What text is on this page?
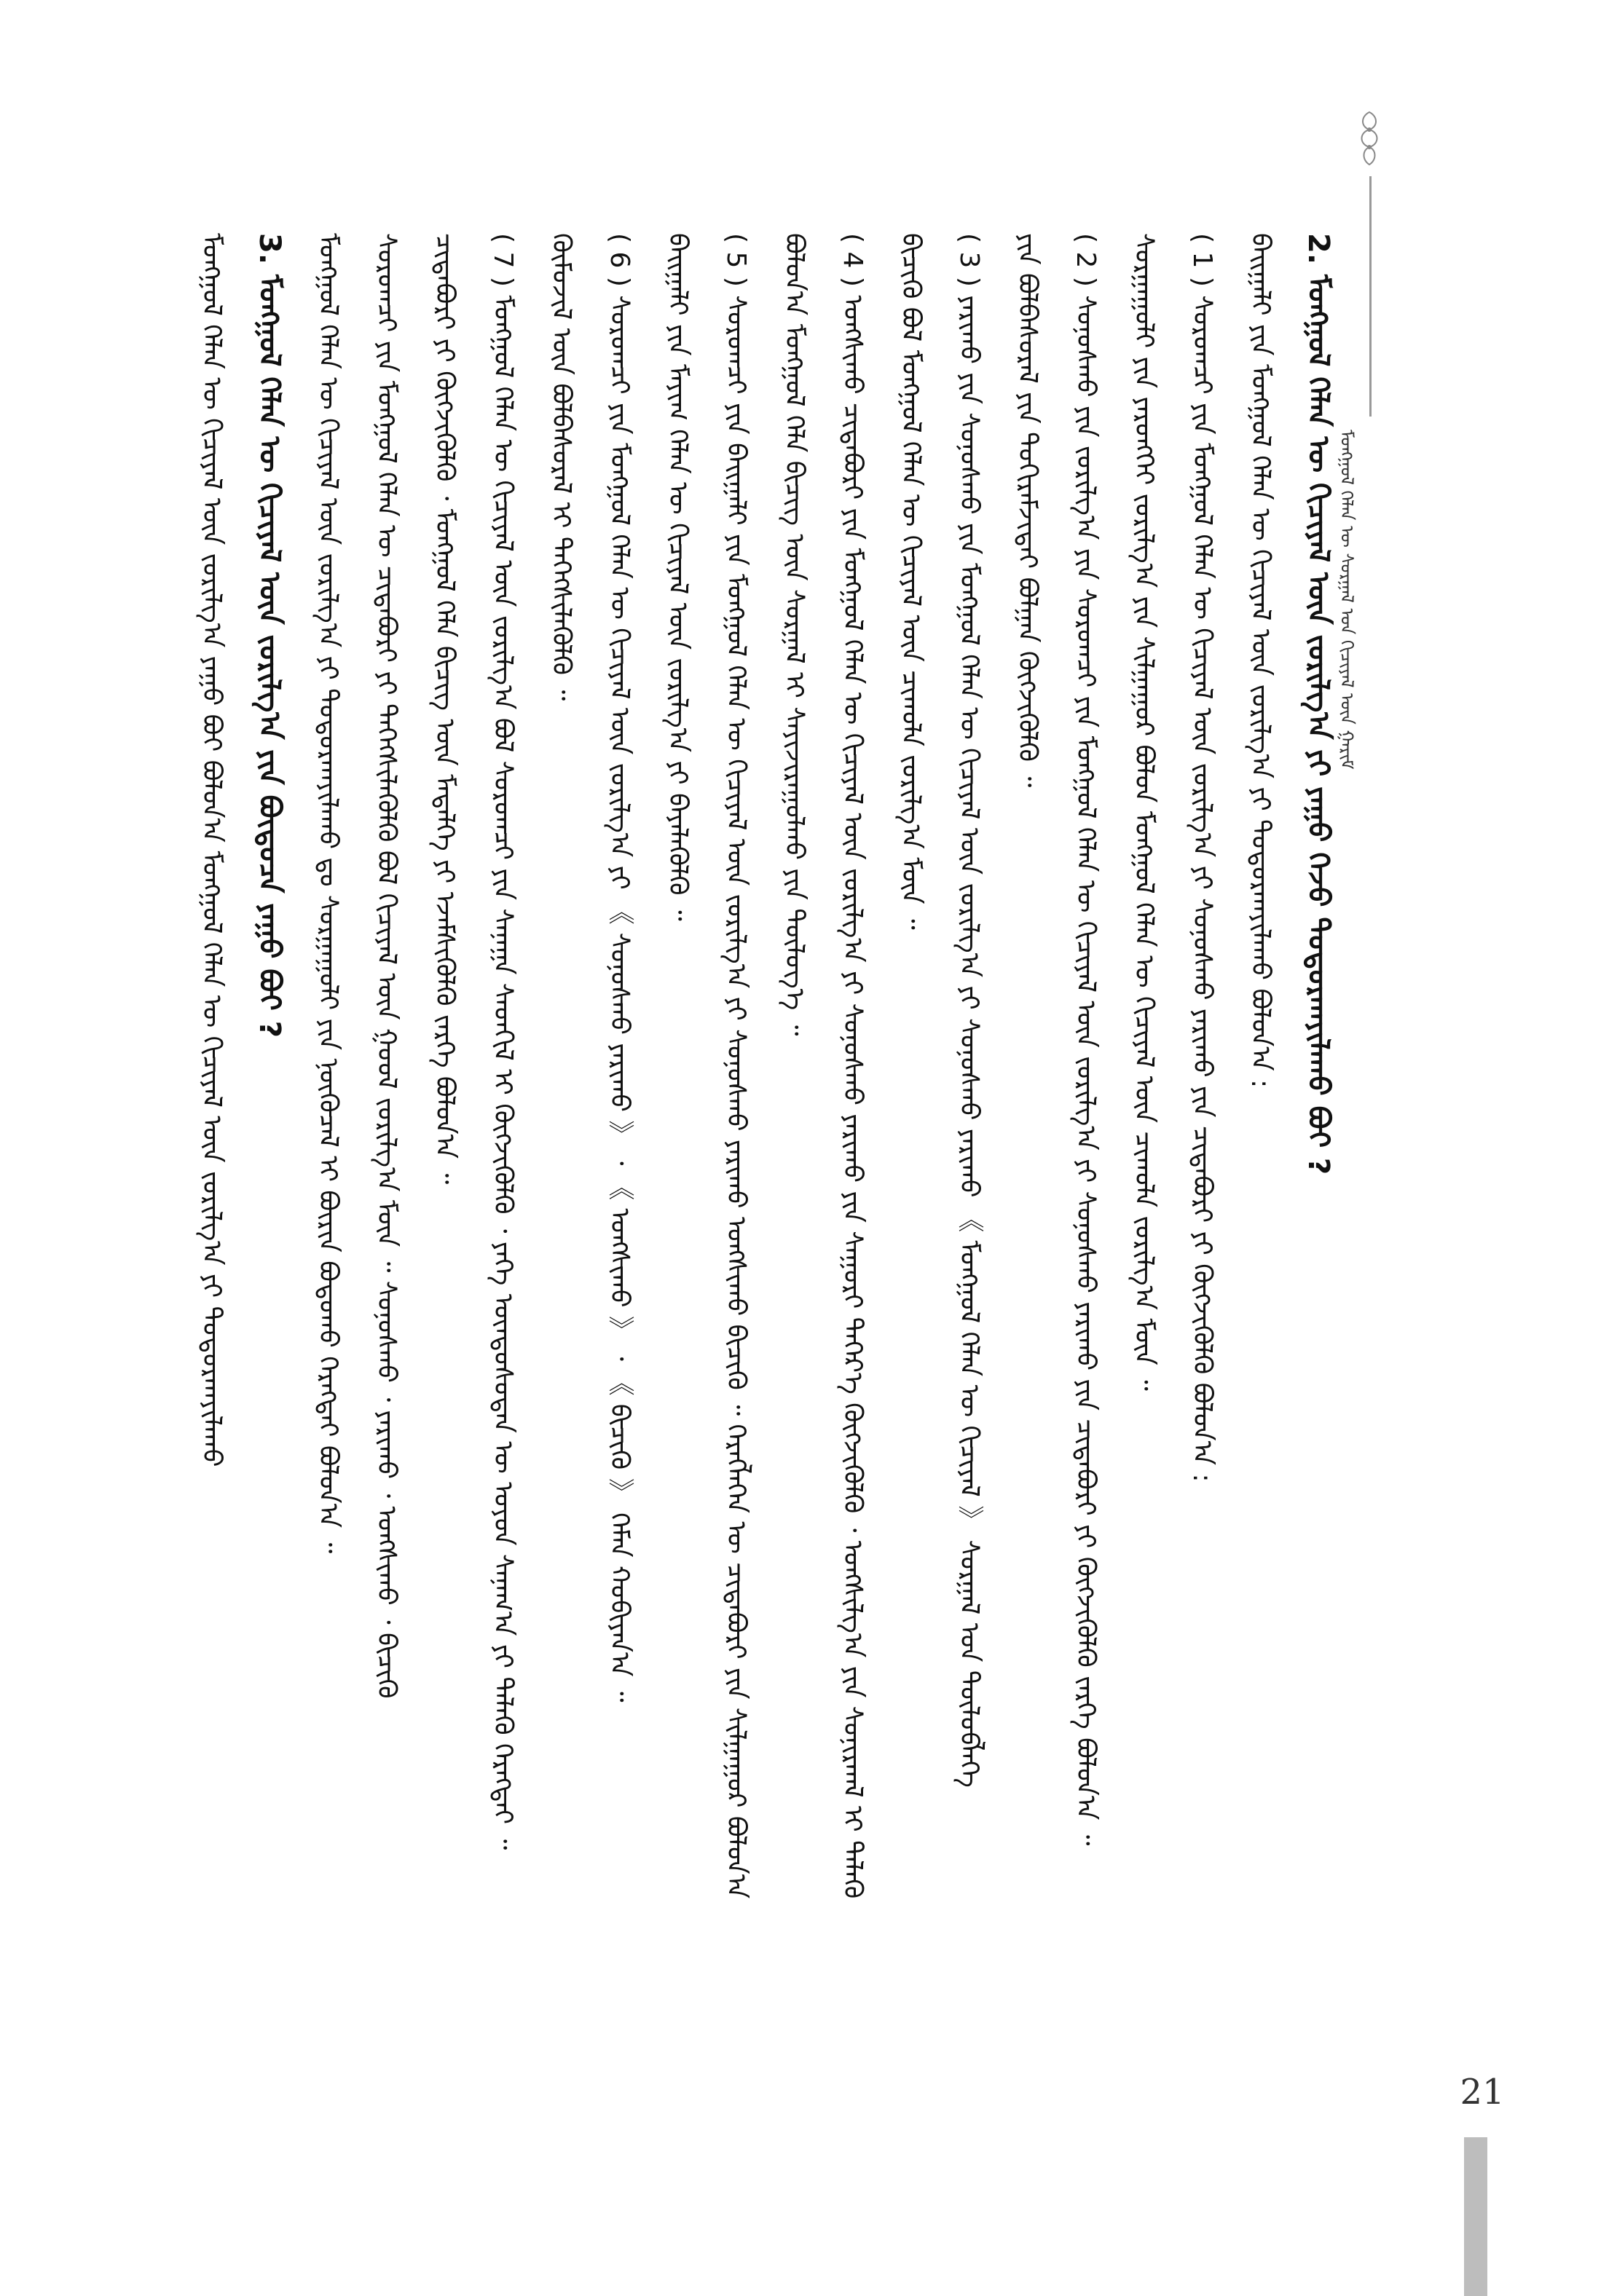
ᠮᠣᠩᠭᠣᠯ ᠬᠡᠯᠡᠨ ᠦ ᠰᠤᠷᠭᠠᠯ ᠤᠨ ᠬᠢᠴᠢᠶᠡᠯ ᠦᠨ ᠭᠠᠷᠢᠮ
ᠮᠣᠩᠭᠣᠯ ᠬᠡᠯᠡᠨ ᠦ ᠬᠢᠴᠢᠶᠡᠯ ᠦᠨ ᠵᠣᠷᠢᠯᠭ᠎ᠠ ᠶᠠᠭᠤ ᠪᠤᠢ ᠪᠤᠯᠤᠨ᠎ᠠ ᠮᠣᠩᠭᠣᠯ ᠬᠡᠯᠡᠨ ᠦ ᠬᠢᠴᠢᠶᠡᠯ ᠦᠨ ᠵᠣᠷᠢᠯᠭ᠎ᠠ ᠶᠢ ᠲᠣᠳᠤᠷᠬᠠᠶᠢᠯᠠᠬᠤ 3. ᠮᠣᠩᠭᠣᠯ ᠬᠡᠯᠡᠨ ᠦ ᠬᠢᠴᠢᠶᠡᠯ ᠦᠨ ᠵᠣᠷᠢᠯᠭ᠎ᠠ ᠶᠢᠨ ᠪᠦᠲᠦᠴᠡ ᠶᠠᠭᠤ ᠪᠤᠢ ?	ᠮᠣᠩᠭᠣᠯ ᠬᠡᠯᠡᠨ ᠦ ᠬᠢᠴᠢᠶᠡᠯ ᠦᠨ ᠵᠣᠷᠢᠯᠭ᠎ᠠ ᠶᠢ ᠲᠣᠳᠤᠷᠬᠠᠶᠢᠯᠠᠬᠤ ᠳᠤ ᠰᠤᠷᠭᠠᠭᠤᠯᠢ ᠶᠢᠨ ᠨᠥᠬᠦᠴᠡᠯ ᠢ ᠪᠦᠷᠢᠨ ᠪᠣᠳᠣᠬᠤ ᠬᠡᠷᠡᠭᠲᠡᠢ ᠪᠣᠯᠤᠨ᠎ᠠ ᠃	ᠰᠤᠷᠤᠭᠴᠢ ᠶᠢᠨ ᠮᠣᠩᠭᠣᠯ ᠬᠡᠯᠡᠨ ᠦ ᠴᠢᠳᠠᠪᠤᠷᠢ ᠶᠢ ᠳᠡᠭᠡᠭᠰᠢᠯᠡᠭᠦᠯᠬᠦ ᠪᠣᠯ ᠬᠢᠴᠢᠶᠡᠯ ᠦᠨ ᠭᠣᠣᠯ ᠵᠣᠷᠢᠯᠭ᠎ᠠ ᠮᠥᠨ ᠃ ᠰᠣᠨᠣᠰᠬᠤ ᠂ ᠶᠠᠷᠢᠬᠤ ᠂ ᠤᠩᠰᠢᠬᠤ ᠂ ᠪᠢᠴᠢᠬᠦ	ᠴᠢᠳᠠᠪᠤᠷᠢ ᠶᠢ ᠬᠥᠭᠵᠢᠭᠦᠯᠬᠦ ᠂ ᠮᠣᠩᠭᠣᠯ ᠬᠡᠯᠡ ᠪᠢᠴᠢᠭ ᠦᠨ ᠮᠡᠳᠡᠯᠭᠡ ᠶᠢ ᠡᠵᠡᠮᠰᠢᠭᠦᠯᠬᠦ ᠵᠡᠷᠭᠡ ᠪᠣᠯᠤᠨ᠎ᠠ ᠃	( 7 ) ᠮᠣᠩᠭᠣᠯ ᠬᠡᠯᠡᠨ ᠦ ᠬᠢᠴᠢᠶᠡᠯ ᠦᠨ ᠵᠣᠷᠢᠯᠭ᠎ᠠ ᠪᠣᠯ ᠰᠤᠷᠤᠭᠴᠢ ᠶᠢᠨ ᠰᠠᠨᠠᠭᠠ ᠰᠡᠳᠬᠢᠯ ᠢ ᠬᠥᠭᠵᠢᠭᠦᠯᠬᠦ ᠂ ᠶᠡᠬᠡ ᠦᠨᠳᠦᠰᠦᠲᠡᠨ ᠦ ᠣᠶᠤᠨ ᠰᠠᠨᠠᠭ᠎ᠠ ᠶᠢ ᠲᠡᠯᠡᠬᠦ ᠬᠡᠷᠡᠭᠲᠡᠢ ᠃	ᠬᠦᠮᠦᠵᠢᠯ ᠦᠨ ᠪᠣᠯᠪᠠᠰᠤᠷᠠᠯ ᠢ ᠳᠡᠭᠡᠭᠰᠢᠯᠡᠭᠦᠯᠬᠦ ᠃	( 6 ) ᠰᠤᠷᠤᠭᠴᠢ ᠶᠢᠨ ᠮᠣᠩᠭᠣᠯ ᠬᠡᠯᠡᠨ ᠦ ᠬᠢᠴᠢᠶᠡᠯ ᠦᠨ ᠵᠣᠷᠢᠯᠭ᠎ᠠ ᠶᠢ 《 ᠰᠣᠨᠣᠰᠬᠤ ᠶᠠᠷᠢᠬᠤ 》 ᠂ 《 ᠤᠩᠰᠢᠬᠤ 》 ᠂ 《 ᠪᠢᠴᠢᠬᠦ 》 ᠬᠡᠮᠡᠨ ᠬᠤᠪᠢᠶᠠᠨ᠎ᠠ ᠃	ᠪᠠᠢᠭᠠᠯᠢ ᠶᠢᠨ ᠮᠠᠶᠢᠭ ᠬᠡᠯᠡᠨ ᠦ ᠬᠢᠴᠢᠶᠡᠯ ᠦᠨ ᠵᠣᠷᠢᠯᠭ᠎ᠠ ᠶᠢ ᠪᠡᠶᠡᠯᠡᠭᠦᠯᠬᠦ ᠃	( 5 ) ᠰᠤᠷᠤᠭᠴᠢ ᠶᠢᠨ ᠪᠠᠢᠭᠠᠯᠢ ᠶᠢᠨ ᠮᠣᠩᠭᠣᠯ ᠬᠡᠯᠡᠨ ᠦ ᠬᠢᠴᠢᠶᠡᠯ ᠦᠨ ᠵᠣᠷᠢᠯᠭ᠎ᠠ ᠶᠢ ᠰᠣᠨᠣᠰᠬᠤ ᠶᠠᠷᠢᠬᠤ ᠤᠩᠰᠢᠬᠤ ᠪᠢᠴᠢᠬᠦ ᠃ ᠬᠡᠷᠡᠭᠯᠡᠭᠡᠨ ᠦ ᠴᠢᠳᠠᠪᠤᠷᠢ ᠶᠢᠨ ᠰᠢᠯᠭᠠᠭᠤᠷ ᠪᠣᠯᠤᠨ᠎ᠠ	ᠪᠣᠯᠤᠨ᠎ᠠ ᠮᠣᠩᠭᠣᠯ ᠬᠡᠯᠡ ᠪᠢᠴᠢᠭ ᠦᠨ ᠰᠤᠷᠭᠠᠯ ᠢ ᠰᠠᠶᠢᠵᠢᠷᠠᠭᠤᠯᠬᠤ ᠶᠢᠨ ᠲᠥᠯᠦᠭ᠎ᠡ ᠃	( 4 ) ᠤᠩᠰᠢᠬᠤ ᠴᠢᠳᠠᠪᠤᠷᠢ ᠶᠢᠨ ᠮᠣᠩᠭᠣᠯ ᠬᠡᠯᠡᠨ ᠦ ᠬᠢᠴᠢᠶᠡᠯ ᠦᠨ ᠵᠣᠷᠢᠯᠭ᠎ᠠ ᠶᠢ ᠰᠣᠨᠣᠰᠬᠤ ᠶᠠᠷᠢᠬᠤ ᠶᠢᠨ ᠰᠠᠭᠤᠷᠢ ᠳᠡᠭᠡᠷ᠎ᠡ ᠬᠥᠭᠵᠢᠭᠦᠯᠬᠦ ᠂ ᠤᠩᠰᠢᠯᠭ᠎ᠠ ᠶᠢᠨ ᠰᠣᠨᠢᠷᠬᠠᠯ ᠢ ᠲᠡᠯᠡᠬᠦ	ᠪᠢᠴᠢᠬᠦ ᠪᠣᠯ ᠮᠣᠩᠭᠣᠯ ᠬᠡᠯᠡᠨ ᠦ ᠬᠢᠴᠢᠶᠡᠯ ᠦᠨ ᠴᠢᠬᠤᠯᠠ ᠵᠣᠷᠢᠯᠭ᠎ᠠ ᠮᠥᠨ ᠃	( 3 ) ᠶᠠᠷᠢᠬᠤ ᠶᠢᠨ ᠰᠣᠨᠣᠰᠬᠤ ᠶᠢᠨ ᠮᠣᠩᠭᠣᠯ ᠬᠡᠯᠡᠨ ᠦ ᠬᠢᠴᠢᠶᠡᠯ ᠦᠨ ᠵᠣᠷᠢᠯᠭ᠎ᠠ ᠶᠢ ᠰᠣᠨᠣᠰᠬᠤ ᠶᠠᠷᠢᠬᠤ 《 ᠮᠣᠩᠭᠣᠯ ᠬᠡᠯᠡᠨ ᠦ ᠬᠢᠴᠢᠶᠡᠯ 》 ᠰᠤᠷᠭᠠᠯ ᠤᠨ ᠲᠥᠯᠦᠪᠯᠡᠭᠡ	ᠶᠢᠨ ᠪᠣᠯᠪᠠᠰᠤᠷᠠᠯ ᠶᠢᠨ ᠲᠣᠬᠢᠷᠠᠮᠵᠢᠲᠠᠢ ᠪᠣᠯᠭᠠᠨ ᠬᠥᠭᠵᠢᠭᠦᠯᠬᠦ ᠃	( 2 ) ᠰᠣᠨᠣᠰᠬᠤ ᠶᠢᠨ ᠵᠣᠷᠢᠯᠭ᠎ᠠ ᠶᠢᠨ ᠰᠤᠷᠤᠭᠴᠢ ᠶᠢᠨ ᠮᠣᠩᠭᠣᠯ ᠬᠡᠯᠡᠨ ᠦ ᠬᠢᠴᠢᠶᠡᠯ ᠦᠨ ᠵᠣᠷᠢᠯᠭ᠎ᠠ ᠶᠢ ᠰᠣᠨᠣᠰᠬᠤ ᠶᠠᠷᠢᠬᠤ ᠶᠢᠨ ᠴᠢᠳᠠᠪᠤᠷᠢ ᠶᠢ ᠬᠥᠭᠵᠢᠭᠦᠯᠬᠦ ᠵᠡᠷᠭᠡ ᠪᠣᠯᠤᠨ᠎ᠠ ᠃	ᠰᠤᠷᠭᠠᠭᠤᠯᠢ ᠶᠢᠨ ᠶᠡᠷᠦᠩᠬᠡᠢ ᠵᠣᠷᠢᠯᠭ᠎ᠠ ᠶᠢᠨ ᠰᠢᠯᠭᠠᠭᠤᠷ ᠪᠣᠯᠤᠨ ᠮᠣᠩᠭᠣᠯ ᠬᠡᠯᠡᠨ ᠦ ᠬᠢᠴᠢᠶᠡᠯ ᠦᠨ ᠴᠢᠬᠤᠯᠠ ᠵᠣᠷᠢᠯᠭ᠎ᠠ ᠮᠥᠨ ᠃	( 1 ) ᠰᠤᠷᠤᠭᠴᠢ ᠶᠢᠨ ᠮᠣᠩᠭᠣᠯ ᠬᠡᠯᠡᠨ ᠦ ᠬᠢᠴᠢᠶᠡᠯ ᠦᠨ ᠵᠣᠷᠢᠯᠭ᠎ᠠ ᠶᠢ ᠰᠣᠨᠣᠰᠬᠤ ᠶᠠᠷᠢᠬᠤ ᠶᠢᠨ ᠴᠢᠳᠠᠪᠤᠷᠢ ᠶᠢ ᠬᠥᠭᠵᠢᠭᠦᠯᠬᠦ ᠪᠣᠯᠤᠨ᠎ᠠ :	ᠪᠠᠢᠭᠠᠯᠢ ᠶᠢᠨ ᠮᠣᠩᠭᠣᠯ ᠬᠡᠯᠡᠨ ᠦ ᠬᠢᠴᠢᠶᠡᠯ ᠦᠨ ᠵᠣᠷᠢᠯᠭ᠎ᠠ ᠶᠢ ᠲᠣᠳᠤᠷᠬᠠᠶᠢᠯᠠᠬᠤ ᠪᠣᠯᠤᠨ᠎ᠠ : 2. ᠮᠣᠩᠭᠣᠯ ᠬᠡᠯᠡᠨ ᠦ ᠬᠢᠴᠢᠶᠡᠯ ᠦᠨ ᠵᠣᠷᠢᠯᠭ᠎ᠠ ᠶᠢ ᠶᠠᠭᠤ ᠭᠡᠵᠦ ᠲᠣᠳᠤᠷᠬᠠᠶᠢᠯᠠᠬᠤ ᠪᠤᠢ ?
21
